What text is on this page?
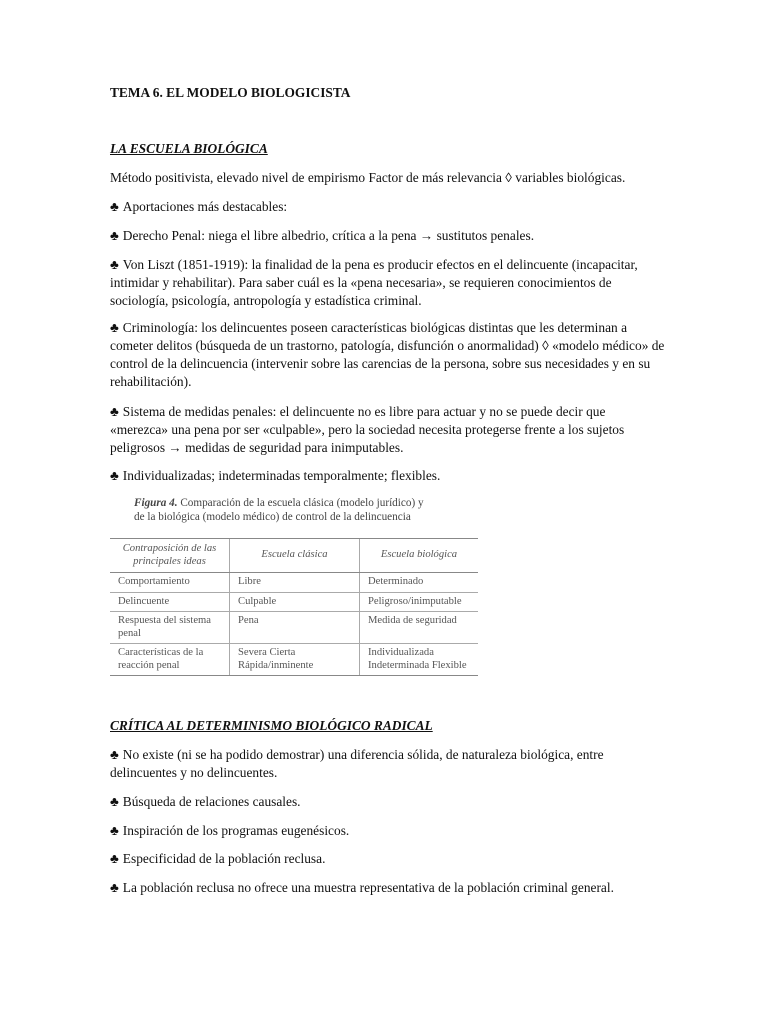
TEMA 6. EL MODELO BIOLOGICISTA
LA ESCUELA BIOLÓGICA
Método positivista, elevado nivel de empirismo Factor de más relevancia ◊ variables biológicas.
♣ Aportaciones más destacables:
♣ Derecho Penal: niega el libre albedrio, crítica a la pena → sustitutos penales.
♣ Von Liszt (1851-1919): la finalidad de la pena es producir efectos en el delincuente (incapacitar, intimidar y rehabilitar). Para saber cuál es la «pena necesaria», se requieren conocimientos de sociología, psicología, antropología y estadística criminal.
♣ Criminología: los delincuentes poseen características biológicas distintas que les determinan a cometer delitos (búsqueda de un trastorno, patología, disfunción o anormalidad) ◊ «modelo médico» de control de la delincuencia (intervenir sobre las carencias de la persona, sobre sus necesidades y en su rehabilitación).
♣ Sistema de medidas penales: el delincuente no es libre para actuar y no se puede decir que «merezca» una pena por ser «culpable», pero la sociedad necesita protegerse frente a los sujetos peligrosos → medidas de seguridad para inimputables.
♣ Individualizadas; indeterminadas temporalmente; flexibles.
Figura 4. Comparación de la escuela clásica (modelo jurídico) y
de la biológica (modelo médico) de control de la delincuencia
Contraposición de las principales ideas	Escuela clásica	Escuela biológica
Comportamiento	Libre	Determinado
Delincuente	Culpable	Peligroso/inimputable
Respuesta del sistema penal	Pena	Medida de seguridad
Características de la reacción penal	Severa Cierta Rápida/inminente	Individualizada Indeterminada Flexible
CRÍTICA AL DETERMINISMO BIOLÓGICO RADICAL
♣ No existe (ni se ha podido demostrar) una diferencia sólida, de naturaleza biológica, entre delincuentes y no delincuentes.
♣ Búsqueda de relaciones causales.
♣ Inspiración de los programas eugenésicos.
♣ Especificidad de la población reclusa.
♣ La población reclusa no ofrece una muestra representativa de la población criminal general.
